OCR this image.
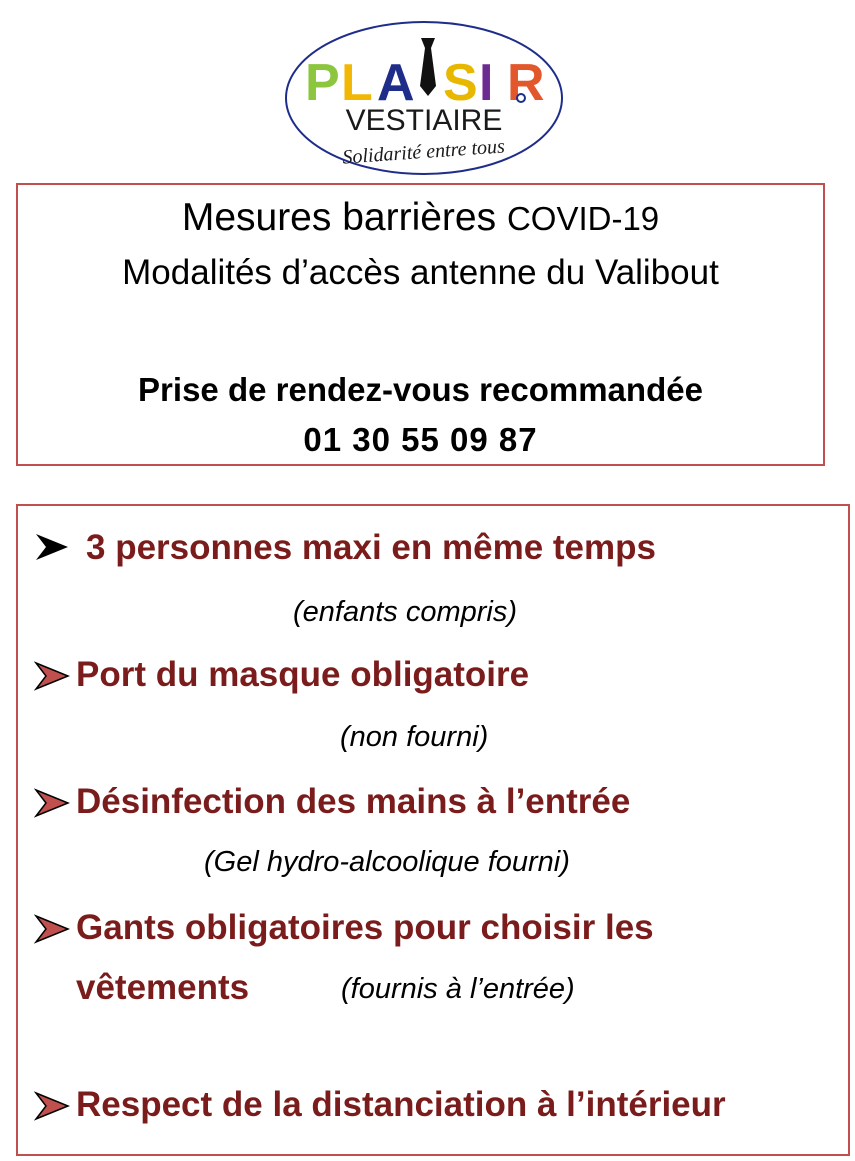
P L A I S I R
VESTIAIRE
Solidarité entre tous
Mesures barrières COVID-19
Modalités d’accès antenne du Valibout
Prise de rendez-vous recommandée
01 30 55 09 87
3 personnes maxi en même temps
(enfants compris)
Port du masque obligatoire
(non fourni)
Désinfection des mains à l’entrée
(Gel hydro-alcoolique fourni)
Gants obligatoires pour choisir les
vêtements	(fournis à l’entrée)
Respect de la distanciation à l’intérieur
